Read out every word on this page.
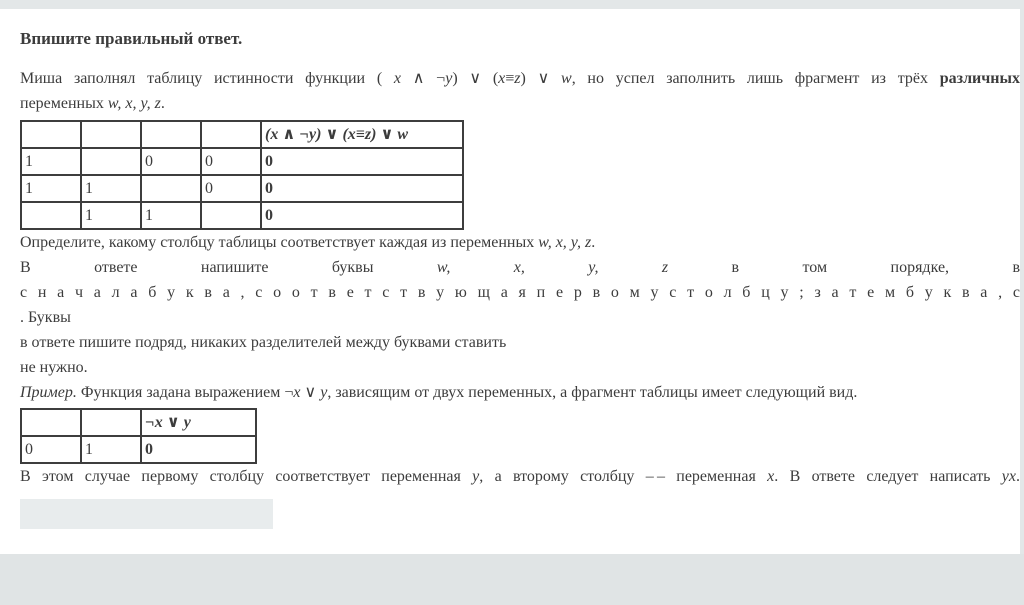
Впишите правильный ответ.
Миша заполнял таблицу истинности функции ( x ∧ ¬y) ∨ (x≡z) ∨ w, но успел заполнить лишь фрагмент из трёх различных
переменных w, x, y, z.
				(x ∧ ¬y) ∨ (x≡z) ∨ w
1		0	0	0
1	1		0	0
	1	1		0
Определите, какому столбцу таблицы соответствует каждая из переменных w, x, y, z.
В ответе напишите буквы w, x, y, z в том порядке, в
с н а ч а л а б у к в а , с о о т в е т с т в у ю щ а я п е р в о м у с т о л б ц у ; з а т е м б у к в а , с
. Буквы
в ответе пишите подряд, никаких разделителей между буквами ставить
не нужно.
Пример. Функция задана выражением ¬x ∨ y, зависящим от двух переменных, а фрагмент таблицы имеет следующий вид.
		¬x ∨ y
0	1	0
В этом случае первому столбцу соответствует переменная y, а второму столбцу – – переменная x. В ответе следует написать yx.
